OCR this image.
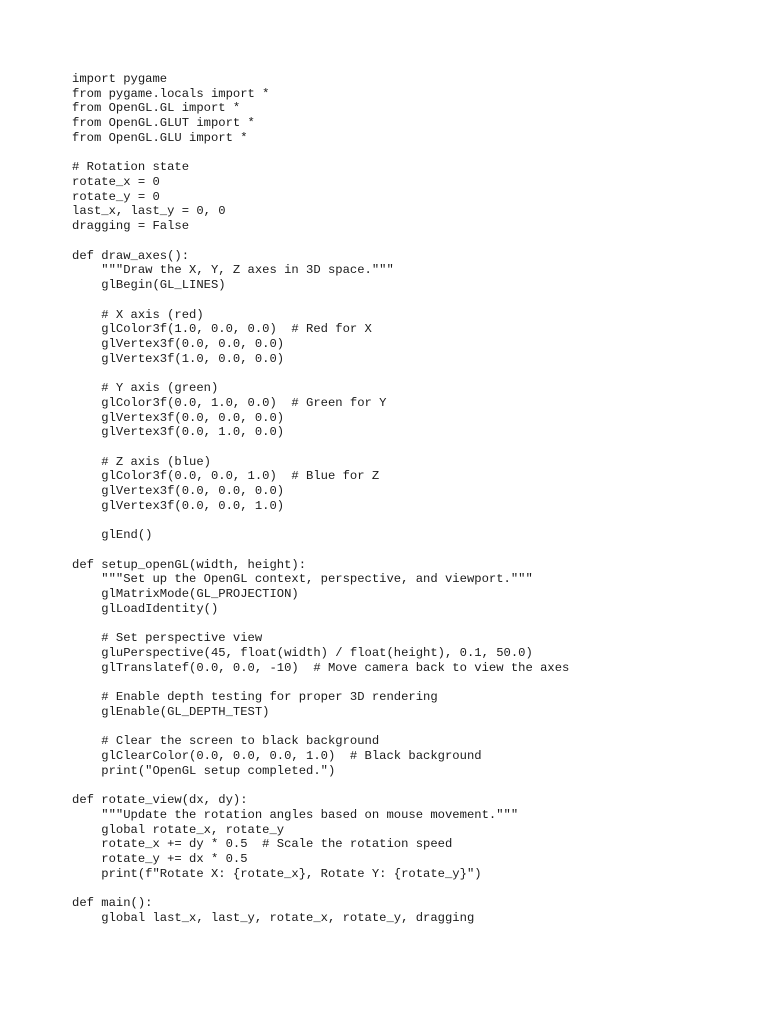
import pygame
from pygame.locals import *
from OpenGL.GL import *
from OpenGL.GLUT import *
from OpenGL.GLU import *
# Rotation state
rotate_x = 0
rotate_y = 0
last_x, last_y = 0, 0
dragging = False
def draw_axes():
"""Draw the X, Y, Z axes in 3D space."""
glBegin(GL_LINES)
# X axis (red)
glColor3f(1.0, 0.0, 0.0)  # Red for X
glVertex3f(0.0, 0.0, 0.0)
glVertex3f(1.0, 0.0, 0.0)
# Y axis (green)
glColor3f(0.0, 1.0, 0.0)  # Green for Y
glVertex3f(0.0, 0.0, 0.0)
glVertex3f(0.0, 1.0, 0.0)
# Z axis (blue)
glColor3f(0.0, 0.0, 1.0)  # Blue for Z
glVertex3f(0.0, 0.0, 0.0)
glVertex3f(0.0, 0.0, 1.0)
glEnd()
def setup_openGL(width, height):
"""Set up the OpenGL context, perspective, and viewport."""
glMatrixMode(GL_PROJECTION)
glLoadIdentity()
# Set perspective view
gluPerspective(45, float(width) / float(height), 0.1, 50.0)
glTranslatef(0.0, 0.0, -10)  # Move camera back to view the axes
# Enable depth testing for proper 3D rendering
glEnable(GL_DEPTH_TEST)
# Clear the screen to black background
glClearColor(0.0, 0.0, 0.0, 1.0)  # Black background
print("OpenGL setup completed.")
def rotate_view(dx, dy):
"""Update the rotation angles based on mouse movement."""
global rotate_x, rotate_y
rotate_x += dy * 0.5  # Scale the rotation speed
rotate_y += dx * 0.5
print(f"Rotate X: {rotate_x}, Rotate Y: {rotate_y}")
def main():
global last_x, last_y, rotate_x, rotate_y, dragging
